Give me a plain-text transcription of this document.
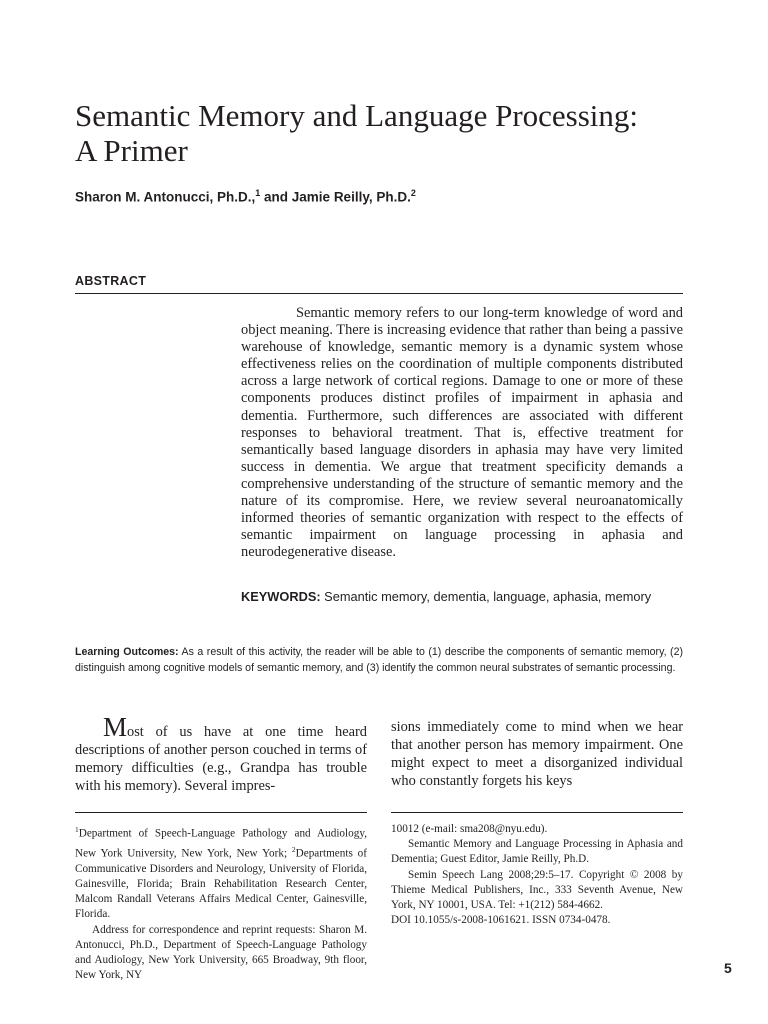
Semantic Memory and Language Processing:
A Primer
Sharon M. Antonucci, Ph.D.,$^1$ and Jamie Reilly, Ph.D.$^2$
ABSTRACT

Semantic memory refers to our long-term knowledge of word and object meaning. There is increasing evidence that rather than being a passive warehouse of knowledge, semantic memory is a dynamic system whose effectiveness relies on the coordination of multiple components distributed across a large network of cortical regions. Damage to one or more of these components produces distinct profiles of impairment in aphasia and dementia. Furthermore, such differences are associated with different responses to behavioral treatment. That is, effective treatment for semantically based language disorders in aphasia may have very limited success in dementia. We argue that treatment specificity demands a comprehensive understanding of the structure of semantic memory and the nature of its compromise. Here, we review several neuroanatomically informed theories of semantic organization with respect to the effects of semantic impairment on language processing in aphasia and neurodegenerative disease.

KEYWORDS: Semantic memory, dementia, language, aphasia, memory
Learning Outcomes: As a result of this activity, the reader will be able to (1) describe the components of semantic memory, (2) distinguish among cognitive models of semantic memory, and (3) identify the common neural substrates of semantic processing.

Most of us have at one time heard descriptions of another person couched in terms of memory difficulties (e.g., Grandpa has trouble with his memory). Several impres-

sions immediately come to mind when we hear that another person has memory impairment. One might expect to meet a disorganized individual who constantly forgets his keys

$^1$Department of Speech-Language Pathology and Audiology, New York University, New York, New York; $^2$Departments of Communicative Disorders and Neurology, University of Florida, Gainesville, Florida; Brain Rehabilitation Research Center, Malcom Randall Veterans Affairs Medical Center, Gainesville, Florida.

Address for correspondence and reprint requests: Sharon M. Antonucci, Ph.D., Department of Speech-Language Pathology and Audiology, New York University, 665 Broadway, 9th floor, New York, NY

10012 (e-mail: sma208@nyu.edu).

Semantic Memory and Language Processing in Aphasia and Dementia; Guest Editor, Jamie Reilly, Ph.D.

Semin Speech Lang 2008;29:5–17. Copyright © 2008 by Thieme Medical Publishers, Inc., 333 Seventh Avenue, New York, NY 10001, USA. Tel: +1(212) 584-4662.

DOI 10.1055/s-2008-1061621. ISSN 0734-0478.

5
